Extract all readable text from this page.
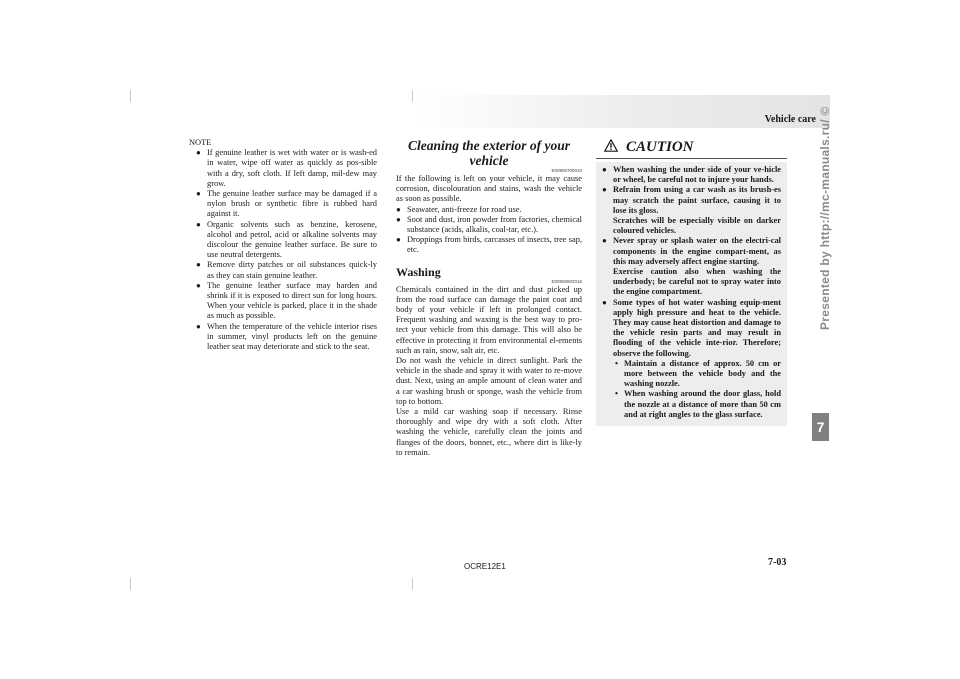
Vehicle care
7
Presented by http://mc-manuals.ru/ ©
NOTE
● If genuine leather is wet with water or is wash-ed in water, wipe off water as quickly as pos-sible with a dry, soft cloth. If left damp, mil-dew may grow.
● The genuine leather surface may be damaged if a nylon brush or synthetic fibre is rubbed hard against it.
● Organic solvents such as benzine, kerosene, alcohol and petrol, acid or alkaline solvents may discolour the genuine leather surface. Be sure to use neutral detergents.
● Remove dirty patches or oil substances quick-ly as they can stain genuine leather.
● The genuine leather surface may harden and shrink if it is exposed to direct sun for long hours. When your vehicle is parked, place it in the shade as much as possible.
● When the temperature of the vehicle interior rises in summer, vinyl products left on the genuine leather seat may deteriorate and stick to the seat.
Cleaning the exterior of your vehicle
E00900700010

If the following is left on your vehicle, it may cause corrosion, discolouration and stains, wash the vehicle as soon as possible.

● Seawater, anti-freeze for road use.
● Soot and dust, iron powder from factories, chemical substance (acids, alkalis, coal-tar, etc.).
● Droppings from birds, carcasses of insects, tree sap, etc.
Washing
E00900802016

Chemicals contained in the dirt and dust picked up from the road surface can damage the paint coat and body of your vehicle if left in prolonged contact. Frequent washing and waxing is the best way to pro-tect your vehicle from this damage. This will also be effective in protecting it from environmental el-ements such as rain, snow, salt air, etc.

Do not wash the vehicle in direct sunlight. Park the vehicle in the shade and spray it with water to re-move dust. Next, using an ample amount of clean water and a car washing brush or sponge, wash the vehicle from top to bottom.

Use a mild car washing soap if necessary. Rinse thoroughly and wipe dry with a soft cloth. After washing the vehicle, carefully clean the joints and flanges of the doors, bonnet, etc., where dirt is like-ly to remain.

CAUTION
● When washing the under side of your ve-hicle or wheel, be careful not to injure your hands.
● Refrain from using a car wash as its brush-es may scratch the paint surface, causing it to lose its gloss.
Scratches will be especially visible on darker coloured vehicles.
● Never spray or splash water on the electri-cal components in the engine compart-ment, as this may adversely affect engine starting.
Exercise caution also when washing the underbody; be careful not to spray water into the engine compartment.
● Some types of hot water washing equip-ment apply high pressure and heat to the vehicle. They may cause heat distortion and damage to the vehicle resin parts and may result in flooding of the vehicle inte-rior. Therefore; observe the following.
• Maintain a distance of approx. 50 cm or more between the vehicle body and the washing nozzle.
• When washing around the door glass, hold the nozzle at a distance of more than 50 cm and at right angles to the glass surface.
OCRE12E1	7-03
